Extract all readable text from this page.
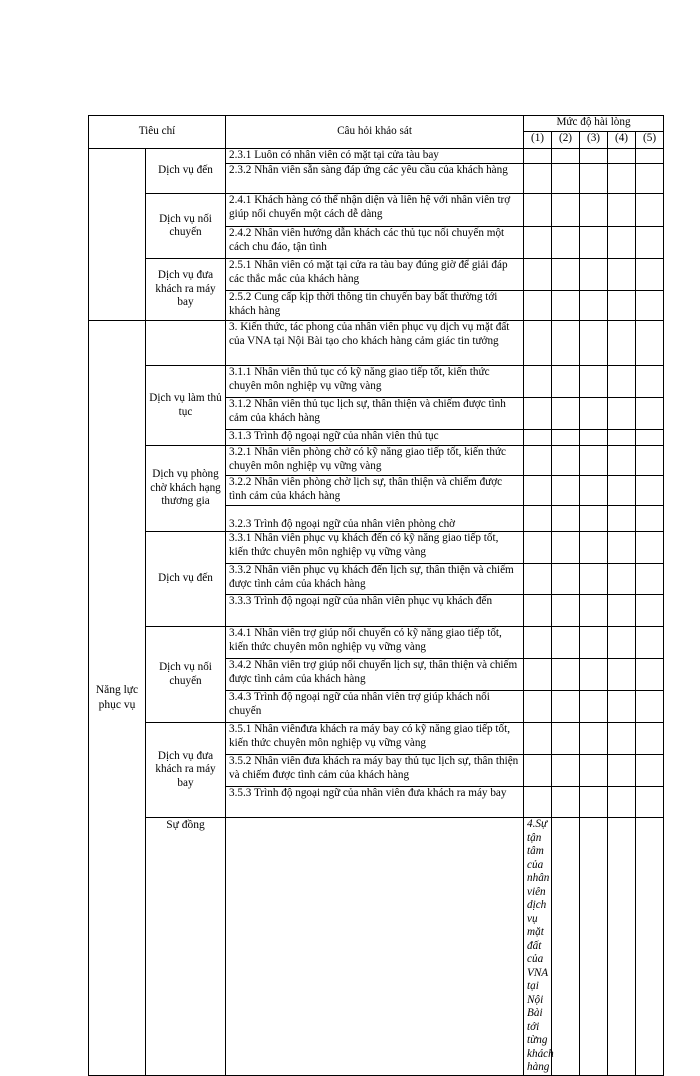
Tiêu chí		Câu hỏi khảo sát	Mức độ hài lòng					
			(1)	(2)	(3)	(4)	(5)	
	Dịch vụ đến	2.3.1 Luôn có nhân viên có mặt tại cửa tàu bay						
		2.3.2 Nhân viên sẵn sàng đáp ứng các yêu cầu của khách hàng						
	Dịch vụ nối chuyến	2.4.1 Khách hàng có thể nhận diện và liên hệ với nhân viên trợ giúp nối chuyến một cách dễ dàng						
		2.4.2 Nhân viên hướng dẫn khách các thủ tục nối chuyến một cách chu đáo, tận tình						
	Dịch vụ đưa khách ra máy bay	2.5.1 Nhân viên có mặt tại cửa ra tàu bay đúng giờ để giải đáp các thắc mắc của khách hàng						
		2.5.2 Cung cấp kịp thời thông tin chuyến bay bất thường tới khách hàng						
Năng lực phục vụ		3. Kiến thức, tác phong của nhân viên phục vụ dịch vụ mặt đất của VNA tại Nội Bài tạo cho khách hàng cảm giác tin tưởng						
	Dịch vụ làm thủ tục	3.1.1 Nhân viên thủ tục có kỹ năng giao tiếp tốt, kiến thức chuyên môn nghiệp vụ vững vàng						
		3.1.2 Nhân viên thủ tục lịch sự, thân thiện và chiếm được tình cảm của khách hàng						
		3.1.3 Trình độ ngoại ngữ của nhân viên thủ tục						
	Dịch vụ phòng chờ khách hạng thương gia	3.2.1 Nhân viên phòng chờ có kỹ năng giao tiếp tốt, kiến thức chuyên môn nghiệp vụ vững vàng						
		3.2.2 Nhân viên phòng chờ lịch sự, thân thiện và chiếm được tình cảm của khách hàng						
		3.2.3 Trình độ ngoại ngữ của nhân viên phòng chờ						
	Dịch vụ đến	3.3.1 Nhân viên phục vụ khách đến có kỹ năng giao tiếp tốt, kiến thức chuyên môn nghiệp vụ vững vàng						
		3.3.2 Nhân viên phục vụ khách đến lịch sự, thân thiện và chiếm được tình cảm của khách hàng						
		3.3.3 Trình độ ngoại ngữ của nhân viên phục vụ khách đến						
	Dịch vụ nối chuyến	3.4.1 Nhân viên trợ giúp nối chuyến có kỹ năng giao tiếp tốt, kiến thức chuyên môn nghiệp vụ vững vàng						
		3.4.2 Nhân viên trợ giúp nối chuyến lịch sự, thân thiện và chiếm được tình cảm của khách hàng						
		3.4.3 Trình độ ngoại ngữ của nhân viên trợ giúp khách nối chuyến						
	Dịch vụ đưa khách ra máy bay	3.5.1 Nhân viênđưa khách ra máy bay có kỹ năng giao tiếp tốt, kiến thức chuyên môn nghiệp vụ vững vàng						
		3.5.2 Nhân viên đưa khách ra máy bay thủ tục lịch sự, thân thiện và chiếm được tình cảm của khách hàng						
		3.5.3 Trình độ ngoại ngữ của nhân viên đưa khách ra máy bay						
	Sự đồng		4.Sự tận tâm của nhân viên dịch vụ mặt đất của VNA tại Nội Bài tới từng khách hàng					
